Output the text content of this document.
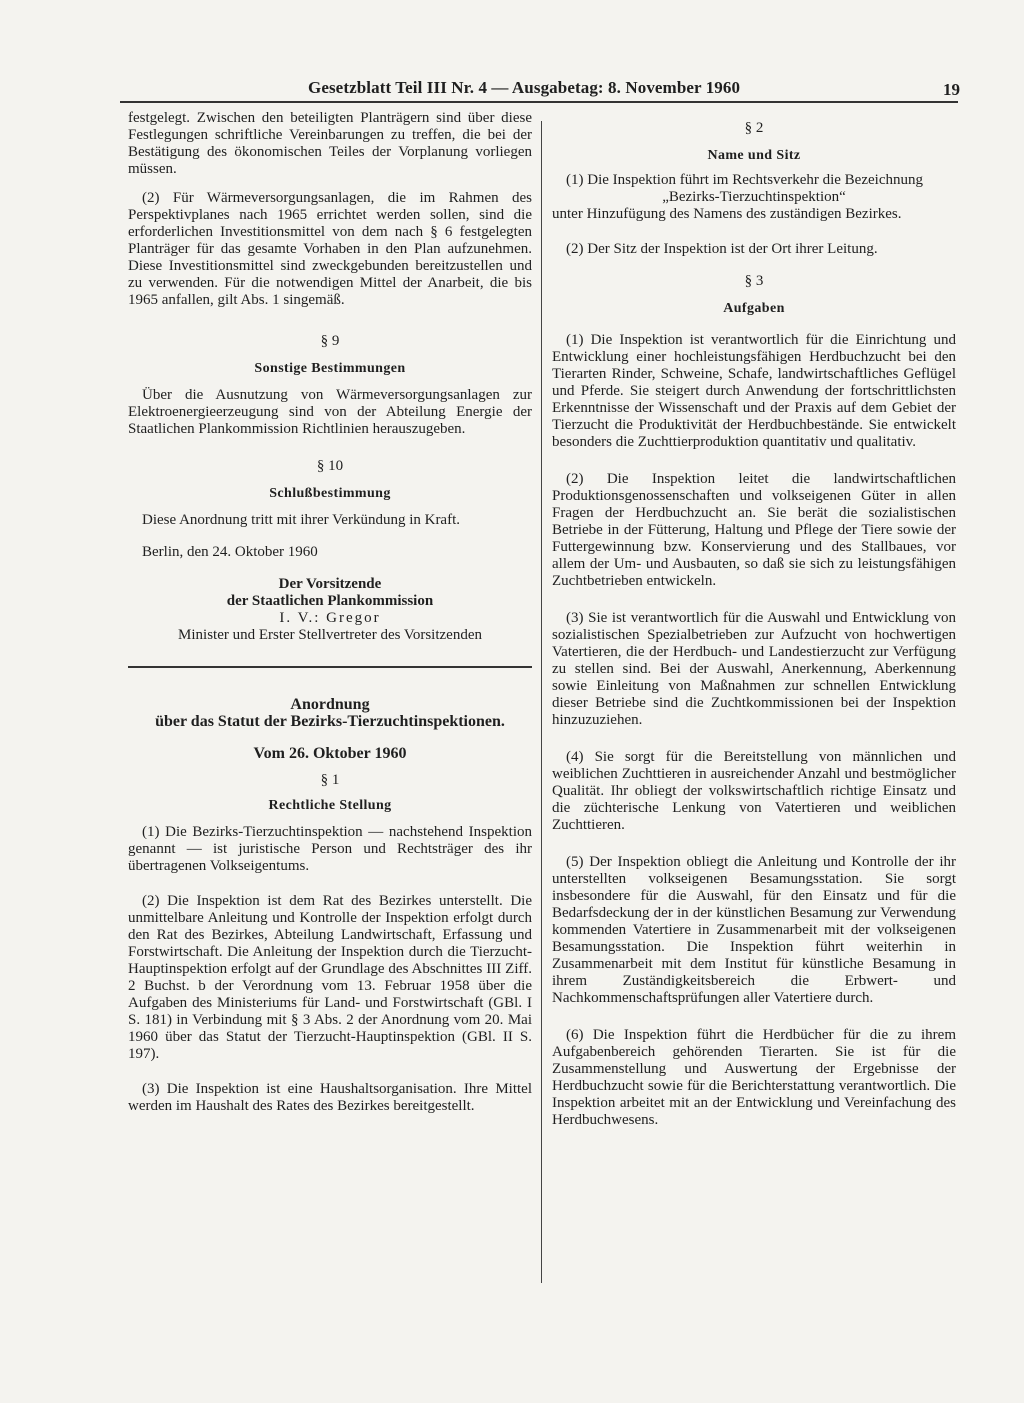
Gesetzblatt Teil III Nr. 4 — Ausgabetag: 8. November 1960	19

festgelegt. Zwischen den beteiligten Planträgern sind über diese Festlegungen schriftliche Vereinbarungen zu treffen, die bei der Bestätigung des ökonomischen Teiles der Vorplanung vorliegen müssen.

(2) Für Wärmeversorgungsanlagen, die im Rahmen des Perspektivplanes nach 1965 errichtet werden sollen, sind die erforderlichen Investitionsmittel von dem nach § 6 festgelegten Planträger für das gesamte Vorhaben in den Plan aufzunehmen. Diese Investitionsmittel sind zweckgebunden bereitzustellen und zu verwenden. Für die notwendigen Mittel der Anarbeit, die bis 1965 anfallen, gilt Abs. 1 singemäß.

§ 9

Sonstige Bestimmungen

Über die Ausnutzung von Wärmeversorgungsanlagen zur Elektroenergieerzeugung sind von der Abteilung Energie der Staatlichen Plankommission Richtlinien herauszugeben.

§ 10

Schlußbestimmung

Diese Anordnung tritt mit ihrer Verkündung in Kraft.

Berlin, den 24. Oktober 1960

Der Vorsitzende

der Staatlichen Plankommission

I. V.: Gregor

Minister und Erster Stellvertreter des Vorsitzenden

Anordnung

über das Statut der Bezirks-Tierzuchtinspektionen.

Vom 26. Oktober 1960

§ 1

Rechtliche Stellung

(1) Die Bezirks-Tierzuchtinspektion — nachstehend Inspektion genannt — ist juristische Person und Rechtsträger des ihr übertragenen Volkseigentums.

(2) Die Inspektion ist dem Rat des Bezirkes unterstellt. Die unmittelbare Anleitung und Kontrolle der Inspektion erfolgt durch den Rat des Bezirkes, Abteilung Landwirtschaft, Erfassung und Forstwirtschaft. Die Anleitung der Inspektion durch die Tierzucht-Hauptinspektion erfolgt auf der Grundlage des Abschnittes III Ziff. 2 Buchst. b der Verordnung vom 13. Februar 1958 über die Aufgaben des Ministeriums für Land- und Forstwirtschaft (GBl. I S. 181) in Verbindung mit § 3 Abs. 2 der Anordnung vom 20. Mai 1960 über das Statut der Tierzucht-Hauptinspektion (GBl. II S. 197).

(3) Die Inspektion ist eine Haushaltsorganisation. Ihre Mittel werden im Haushalt des Rates des Bezirkes bereitgestellt.

§ 2

Name und Sitz

(1) Die Inspektion führt im Rechtsverkehr die Bezeichnung

„Bezirks-Tierzuchtinspektion“

unter Hinzufügung des Namens des zuständigen Bezirkes.

(2) Der Sitz der Inspektion ist der Ort ihrer Leitung.

§ 3

Aufgaben

(1) Die Inspektion ist verantwortlich für die Einrichtung und Entwicklung einer hochleistungsfähigen Herdbuchzucht bei den Tierarten Rinder, Schweine, Schafe, landwirtschaftliches Geflügel und Pferde. Sie steigert durch Anwendung der fortschrittlichsten Erkenntnisse der Wissenschaft und der Praxis auf dem Gebiet der Tierzucht die Produktivität der Herdbuchbestände. Sie entwickelt besonders die Zuchttierproduktion quantitativ und qualitativ.

(2) Die Inspektion leitet die landwirtschaftlichen Produktionsgenossenschaften und volkseigenen Güter in allen Fragen der Herdbuchzucht an. Sie berät die sozialistischen Betriebe in der Fütterung, Haltung und Pflege der Tiere sowie der Futtergewinnung bzw. Konservierung und des Stallbaues, vor allem der Um- und Ausbauten, so daß sie sich zu leistungsfähigen Zuchtbetrieben entwickeln.

(3) Sie ist verantwortlich für die Auswahl und Entwicklung von sozialistischen Spezialbetrieben zur Aufzucht von hochwertigen Vatertieren, die der Herdbuch- und Landestierzucht zur Verfügung zu stellen sind. Bei der Auswahl, Anerkennung, Aberkennung sowie Einleitung von Maßnahmen zur schnellen Entwicklung dieser Betriebe sind die Zuchtkommissionen bei der Inspektion hinzuzuziehen.

(4) Sie sorgt für die Bereitstellung von männlichen und weiblichen Zuchttieren in ausreichender Anzahl und bestmöglicher Qualität. Ihr obliegt der volkswirtschaftlich richtige Einsatz und die züchterische Lenkung von Vatertieren und weiblichen Zuchttieren.

(5) Der Inspektion obliegt die Anleitung und Kontrolle der ihr unterstellten volkseigenen Besamungsstation. Sie sorgt insbesondere für die Auswahl, für den Einsatz und für die Bedarfsdeckung der in der künstlichen Besamung zur Verwendung kommenden Vatertiere in Zusammenarbeit mit der volkseigenen Besamungsstation. Die Inspektion führt weiterhin in Zusammenarbeit mit dem Institut für künstliche Besamung in ihrem Zuständigkeitsbereich die Erbwert- und Nachkommenschaftsprüfungen aller Vatertiere durch.

(6) Die Inspektion führt die Herdbücher für die zu ihrem Aufgabenbereich gehörenden Tierarten. Sie ist für die Zusammenstellung und Auswertung der Ergebnisse der Herdbuchzucht sowie für die Berichterstattung verantwortlich. Die Inspektion arbeitet mit an der Entwicklung und Vereinfachung des Herdbuchwesens.
